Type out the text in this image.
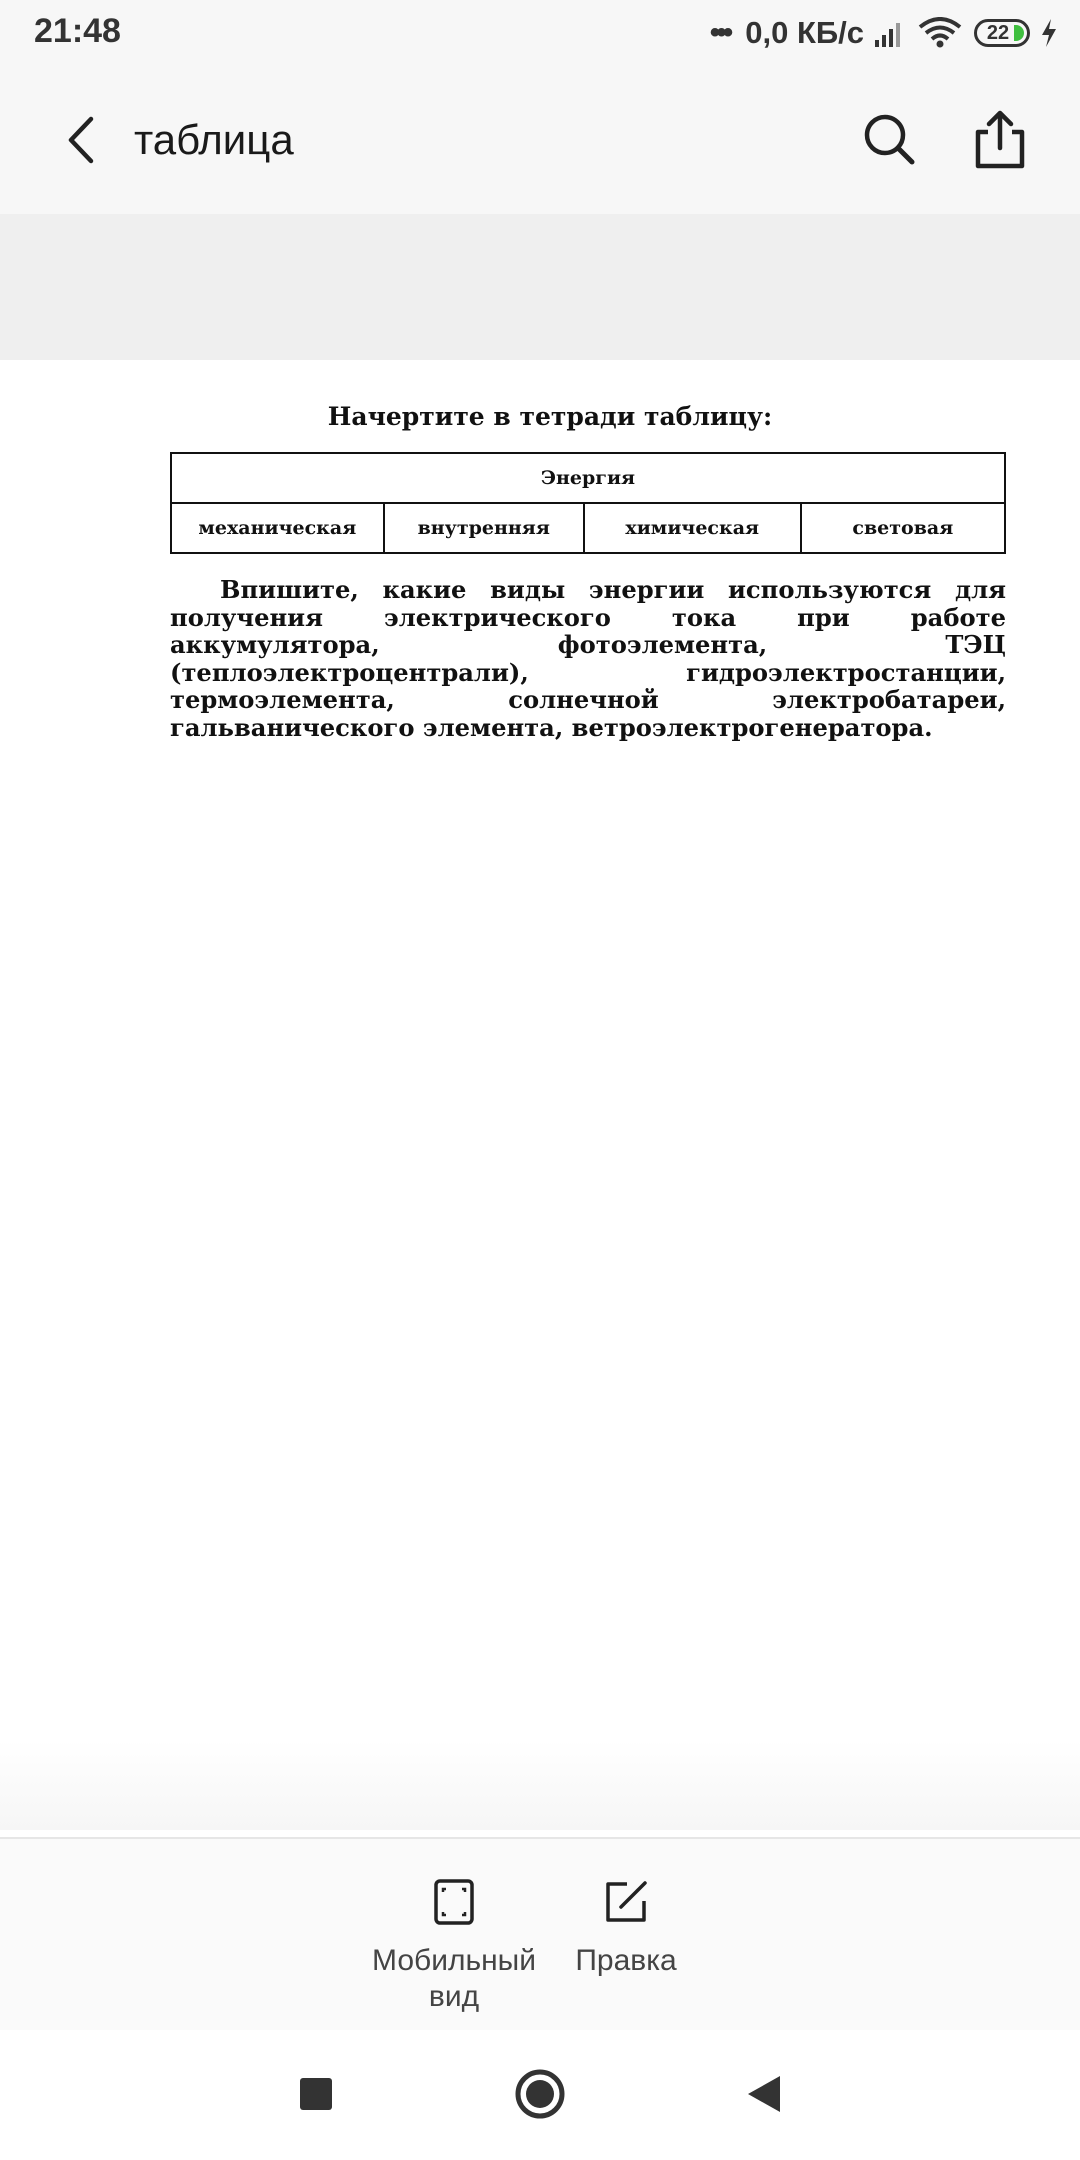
21:48	••• 0,0 КБ/с	22
таблица
Начертите в тетради таблицу:
Энергия
механическая	внутренняя	химическая	световая

Впишите, какие виды энергии используются для получения электрического тока при работе аккумулятора, фотоэлемента, ТЭЦ (теплоэлектроцентрали), гидроэлектростанции, термоэлемента, солнечной электробатареи, гальванического элемента, ветроэлектрогенератора.

Мобильный
вид
Правка
